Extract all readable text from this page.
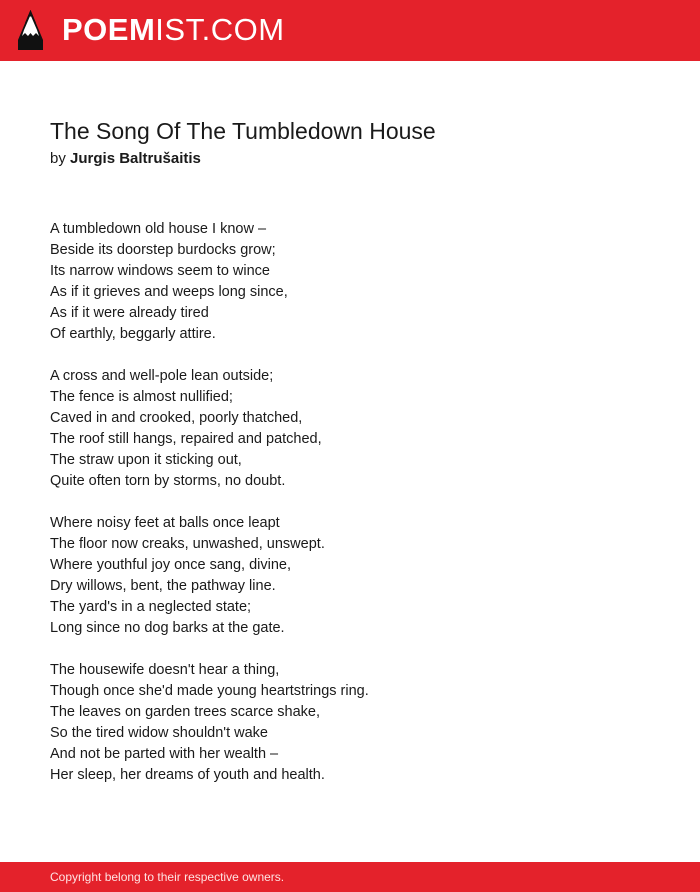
POEMIST.COM
The Song Of The Tumbledown House
by Jurgis Baltrušaitis
A tumbledown old house I know –
Beside its doorstep burdocks grow;
Its narrow windows seem to wince
As if it grieves and weeps long since,
As if it were already tired
Of earthly, beggarly attire.
A cross and well-pole lean outside;
The fence is almost nullified;
Caved in and crooked, poorly thatched,
The roof still hangs, repaired and patched,
The straw upon it sticking out,
Quite often torn by storms, no doubt.
Where noisy feet at balls once leapt
The floor now creaks, unwashed, unswept.
Where youthful joy once sang, divine,
Dry willows, bent, the pathway line.
The yard's in a neglected state;
Long since no dog barks at the gate.
The housewife doesn't hear a thing,
Though once she'd made young heartstrings ring.
The leaves on garden trees scarce shake,
So the tired widow shouldn't wake
And not be parted with her wealth –
Her sleep, her dreams of youth and health.
Copyright belong to their respective owners.
